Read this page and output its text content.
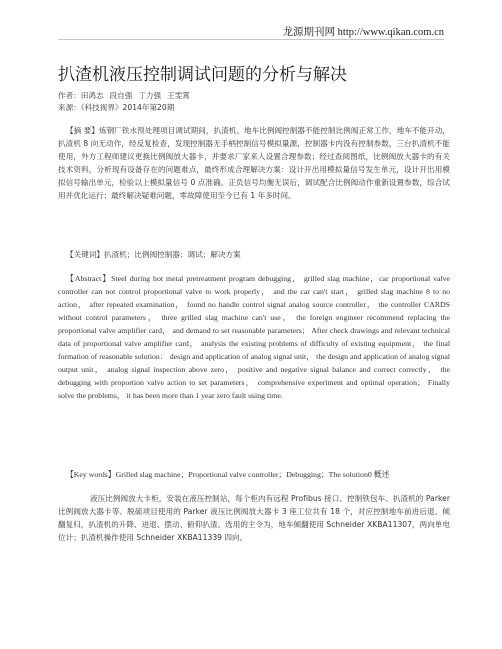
龙源期刊网 http://www.qikan.com.cn
扒渣机液压控制调试问题的分析与解决
作者：田鸿志 段自强 丁力强 王雯霄
来源：《科技视界》2014年第20期
【摘 要】炼钢厂铁水预处理项目调试期间，扒渣机、地车比例阀控制器不能控制比例阀正常工作，地车不能开动，扒渣机 8 向无动作，经反复检查，发现控制器无手柄控制信号模拟量源，控制器卡内没有控制参数，三台扒渣机不能使用，外方工程师建议更换比例阀放大器卡，并要求厂家来人设置合理参数；经过查阅图纸，比例阀放大器卡的有关技术资料，分析现有设备存在的问题难点，最终形成合理解决方案：设计开出用模拟量信号发生单元，设计开出用模拟信号输出单元，检验以上模拟量信号 0 点准确。正负信号均衡无误后，调试配合比例阀动作重新设置参数，综合试用并优化运行；最终解决疑难问题，零故障使用至今已有 1 年多时间。
【关键词】扒渣机；比例阀控制器；调试；解决方案
【Abstract】Steel during hot metal pretreatment program debugging， grilled slag machine，car proportional valve controller can not control proportional valve to work properly， and the car can't start， grilled slag machine 8 to no action， after repeated examination， found no handle control signal analog source controller， the controller CARDS without control parameters， three grilled slag machine can't use， the foreign engineer recommend replacing the proportional valve amplifier card， and demand to set reasonable parameters； After check drawings and relevant technical data of proportional valve amplifier card， analysis the existing problems of difficulty of existing equipment， the final formation of reasonable solution： design and application of analog signal unit， the design and application of analog signal output unit， analog signal inspection above zero， positive and negative signal balance and correct correctly， the debugging with proportion valve action to set parameters， comprehensive experiment and optimal operation； Finally solve the problems， it has been more than 1 year zero fault using time.
【Key words】Grilled slag machine；Proportional valve controller；Debugging；The solution0 概述
液压比例阀放大卡柜，安装在液压控制站，每个柜内有远程 Profibus 接口、控制铁包车、扒渣机的 Parker 比例阀放大器卡等。脱硫项目使用的 Parker 液压比例阀放大器卡 3 座工位共有 18 个，对应控制地车前进后退、倾翻复归，扒渣机的升降、进退、摆动、俯仰扒渣。选用的主令为，地车倾翻使用 Schneider XKBA11307，两向单电位计；扒渣机操作使用 Schneider XKBA11339 四向。
